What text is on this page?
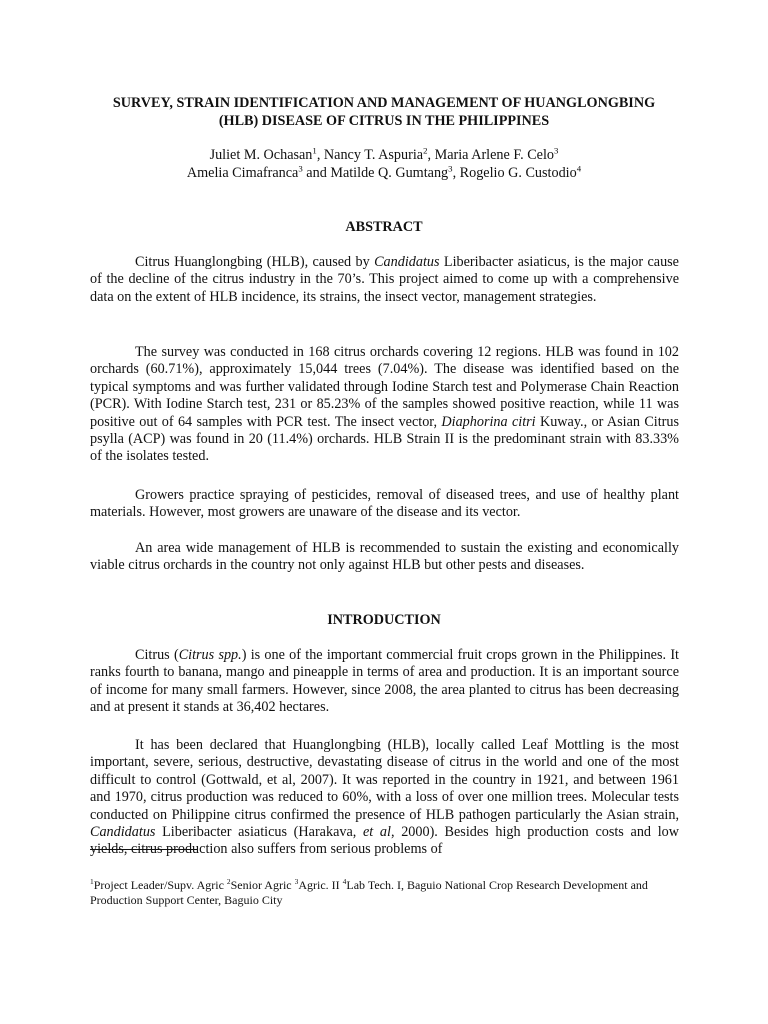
SURVEY, STRAIN IDENTIFICATION AND MANAGEMENT OF HUANGLONGBING
(HLB) DISEASE OF CITRUS IN THE PHILIPPINES
Juliet M. Ochasan$^1$, Nancy T. Aspuria$^2$, Maria Arlene F. Celo$^3$
Amelia Cimafranca$^3$ and Matilde Q. Gumtang$^3$, Rogelio G. Custodio$^4$
ABSTRACT

Citrus Huanglongbing (HLB), caused by Candidatus Liberibacter asiaticus, is the major cause of the decline of the citrus industry in the 70’s. This project aimed to come up with a comprehensive data on the extent of HLB incidence, its strains, the insect vector, management strategies.

The survey was conducted in 168 citrus orchards covering 12 regions. HLB was found in 102 orchards (60.71%), approximately 15,044 trees (7.04%). The disease was identified based on the typical symptoms and was further validated through Iodine Starch test and Polymerase Chain Reaction (PCR). With Iodine Starch test, 231 or 85.23% of the samples showed positive reaction, while 11 was positive out of 64 samples with PCR test. The insect vector, Diaphorina citri Kuway., or Asian Citrus psylla (ACP) was found in 20 (11.4%) orchards. HLB Strain II is the predominant strain with 83.33% of the isolates tested.

Growers practice spraying of pesticides, removal of diseased trees, and use of healthy plant materials. However, most growers are unaware of the disease and its vector.

An area wide management of HLB is recommended to sustain the existing and economically viable citrus orchards in the country not only against HLB but other pests and diseases.

INTRODUCTION

Citrus (Citrus spp.) is one of the important commercial fruit crops grown in the Philippines. It ranks fourth to banana, mango and pineapple in terms of area and production. It is an important source of income for many small farmers. However, since 2008, the area planted to citrus has been decreasing and at present it stands at 36,402 hectares.

It has been declared that Huanglongbing (HLB), locally called Leaf Mottling is the most important, severe, serious, destructive, devastating disease of citrus in the world and one of the most difficult to control (Gottwald, et al, 2007). It was reported in the country in 1921, and between 1961 and 1970, citrus production was reduced to 60%, with a loss of over one million trees. Molecular tests conducted on Philippine citrus confirmed the presence of HLB pathogen particularly the Asian strain, Candidatus Liberibacter asiaticus (Harakava, et al, 2000). Besides high production costs and low yields, citrus production also suffers from serious problems of

$^1$Project Leader/Supv. Agric $^2$Senior Agric $^3$Agric. II $^4$Lab Tech. I, Baguio National Crop Research Development and Production Support Center, Baguio City
